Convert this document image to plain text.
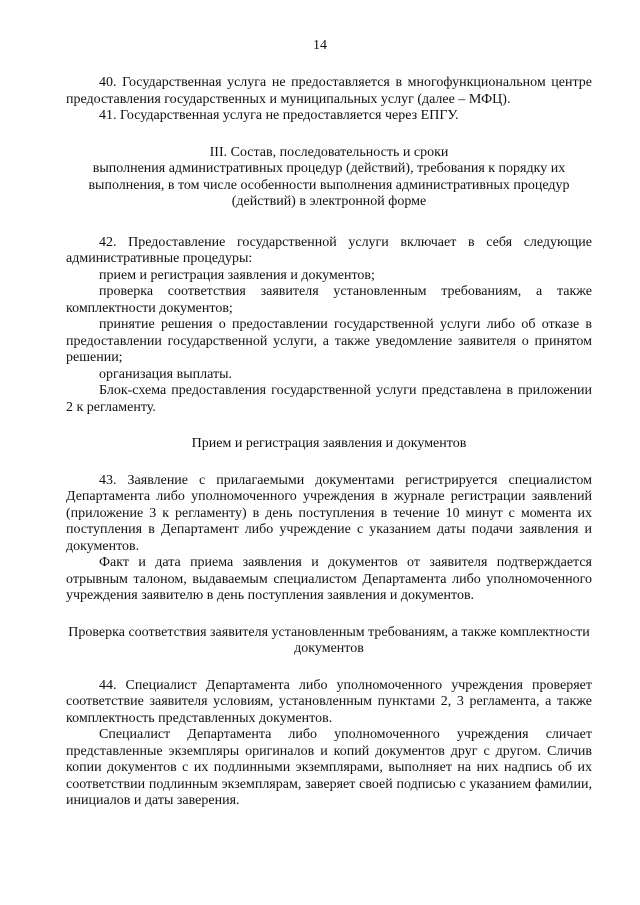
14

40. Государственная услуга не предоставляется в многофункциональном центре предоставления государственных и муниципальных услуг (далее – МФЦ).

41. Государственная услуга не предоставляется через ЕПГУ.

III. Состав, последовательность и сроки

выполнения административных процедур (действий), требования к порядку их выполнения, в том числе особенности выполнения административных процедур (действий) в электронной форме

42. Предоставление государственной услуги включает в себя следующие административные процедуры:

прием и регистрация заявления и документов;

проверка соответствия заявителя установленным требованиям, а также комплектности документов;

принятие решения о предоставлении государственной услуги либо об отказе в предоставлении государственной услуги, а также уведомление заявителя о принятом решении;

организация выплаты.

Блок-схема предоставления государственной услуги представлена в приложении 2 к регламенту.

Прием и регистрация заявления и документов

43. Заявление с прилагаемыми документами регистрируется специалистом Департамента либо уполномоченного учреждения в журнале регистрации заявлений (приложение 3 к регламенту) в день поступления в течение 10 минут с момента их поступления в Департамент либо учреждение с указанием даты подачи заявления и документов.

Факт и дата приема заявления и документов от заявителя подтверждается отрывным талоном, выдаваемым специалистом Департамента либо уполномоченного учреждения заявителю в день поступления заявления и документов.

Проверка соответствия заявителя установленным требованиям, а также комплектности документов

44. Специалист Департамента либо уполномоченного учреждения проверяет соответствие заявителя условиям, установленным пунктами 2, 3 регламента, а также комплектность представленных документов.

Специалист Департамента либо уполномоченного учреждения сличает представленные экземпляры оригиналов и копий документов друг с другом. Сличив копии документов с их подлинными экземплярами, выполняет на них надпись об их соответствии подлинным экземплярам, заверяет своей подписью с указанием фамилии, инициалов и даты заверения.
